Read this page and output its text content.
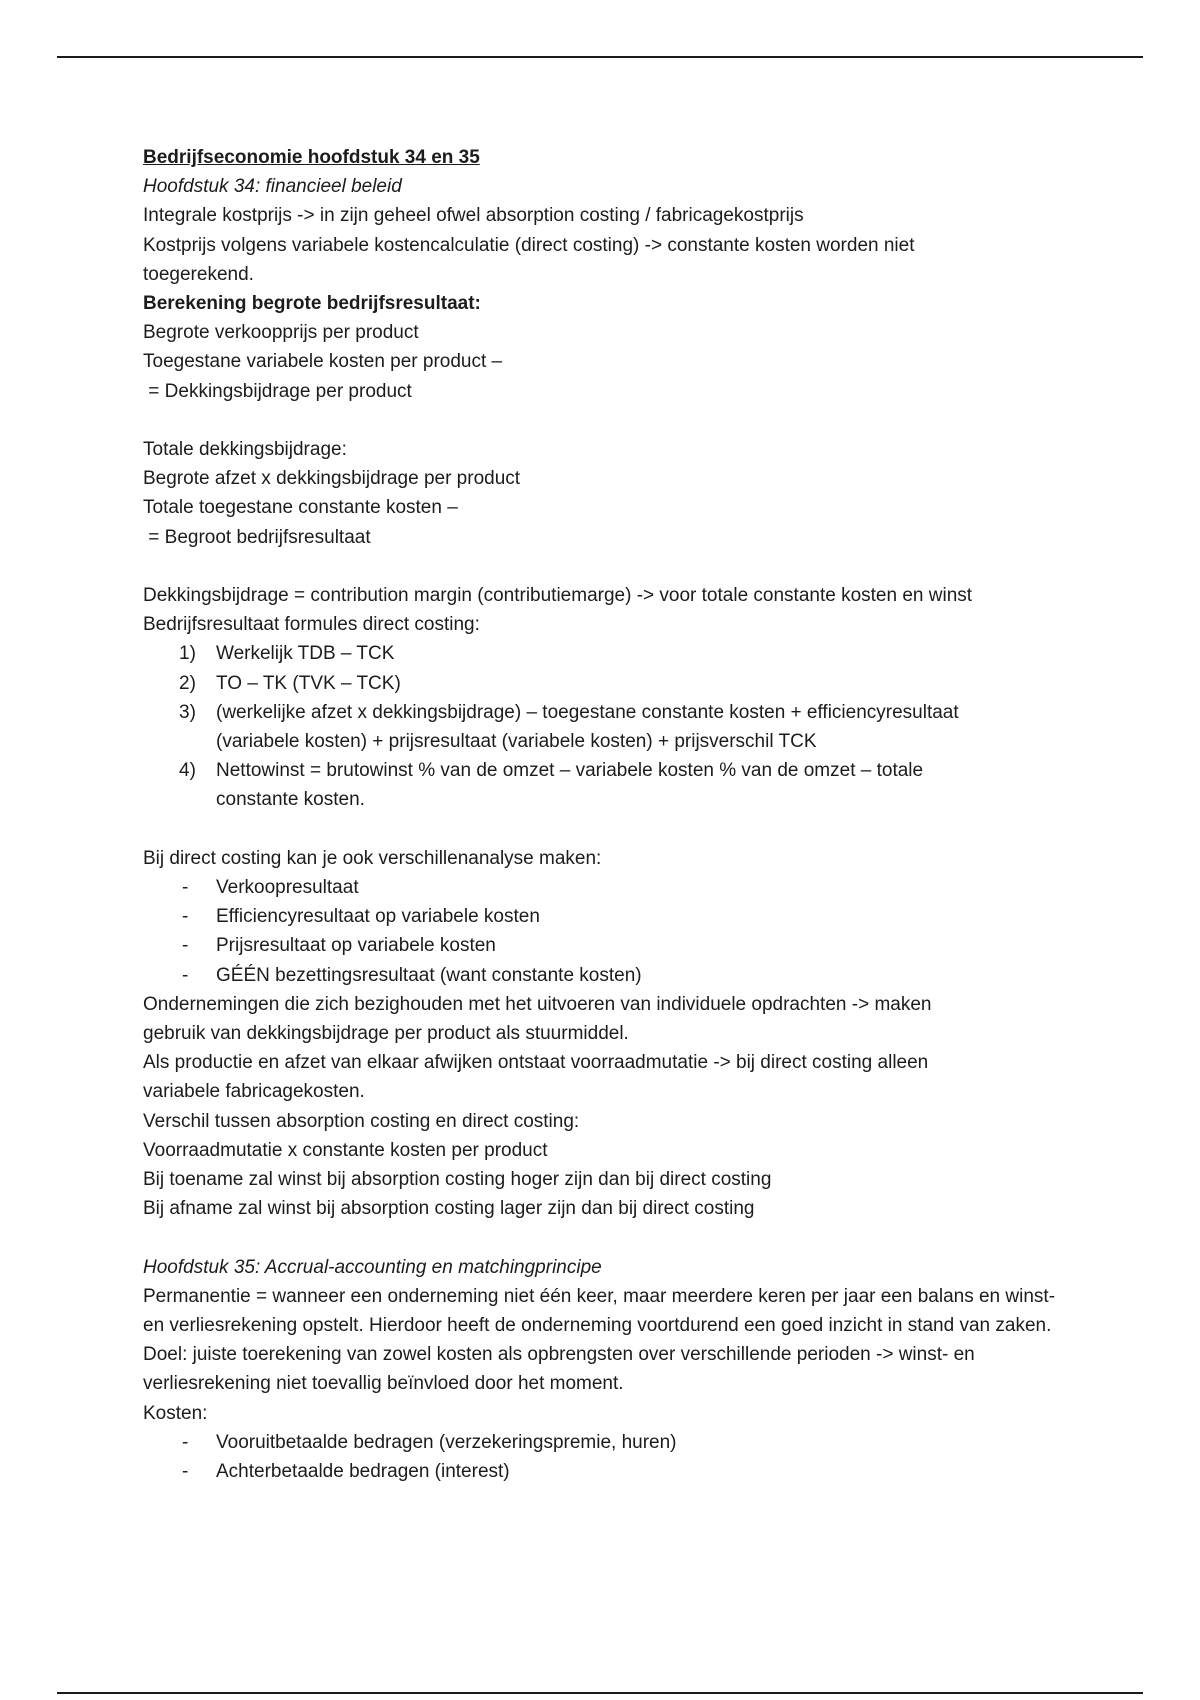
Bedrijfseconomie hoofdstuk 34 en 35

Hoofdstuk 34: financieel beleid

Integrale kostprijs -> in zijn geheel ofwel absorption costing / fabricagekostprijs

Kostprijs volgens variabele kostencalculatie (direct costing) -> constante kosten worden niet toegerekend.

Berekening begrote bedrijfsresultaat:

Begrote verkoopprijs per product

Toegestane variabele kosten per product –

= Dekkingsbijdrage per product

Totale dekkingsbijdrage:

Begrote afzet x dekkingsbijdrage per product

Totale toegestane constante kosten –

= Begroot bedrijfsresultaat

Dekkingsbijdrage = contribution margin (contributiemarge) -> voor totale constante kosten en winst

Bedrijfsresultaat formules direct costing:

1) Werkelijk TDB – TCK
2) TO – TK (TVK – TCK)
3) (werkelijke afzet x dekkingsbijdrage) – toegestane constante kosten + efficiencyresultaat (variabele kosten) + prijsresultaat (variabele kosten) + prijsverschil TCK
4) Nettowinst = brutowinst % van de omzet – variabele kosten % van de omzet – totale constante kosten.

Bij direct costing kan je ook verschillenanalyse maken:

- Verkoopresultaat
- Efficiencyresultaat op variabele kosten
- Prijsresultaat op variabele kosten
- GÉÉN bezettingsresultaat (want constante kosten)

Ondernemingen die zich bezighouden met het uitvoeren van individuele opdrachten -> maken gebruik van dekkingsbijdrage per product als stuurmiddel.

Als productie en afzet van elkaar afwijken ontstaat voorraadmutatie -> bij direct costing alleen variabele fabricagekosten.

Verschil tussen absorption costing en direct costing:

Voorraadmutatie x constante kosten per product

Bij toename zal winst bij absorption costing hoger zijn dan bij direct costing

Bij afname zal winst bij absorption costing lager zijn dan bij direct costing

Hoofdstuk 35: Accrual-accounting en matchingprincipe

Permanentie = wanneer een onderneming niet één keer, maar meerdere keren per jaar een balans en winst- en verliesrekening opstelt. Hierdoor heeft de onderneming voortdurend een goed inzicht in stand van zaken.

Doel: juiste toerekening van zowel kosten als opbrengsten over verschillende perioden -> winst- en verliesrekening niet toevallig beïnvloed door het moment.

Kosten:

- Vooruitbetaalde bedragen (verzekeringspremie, huren)
- Achterbetaalde bedragen (interest)
